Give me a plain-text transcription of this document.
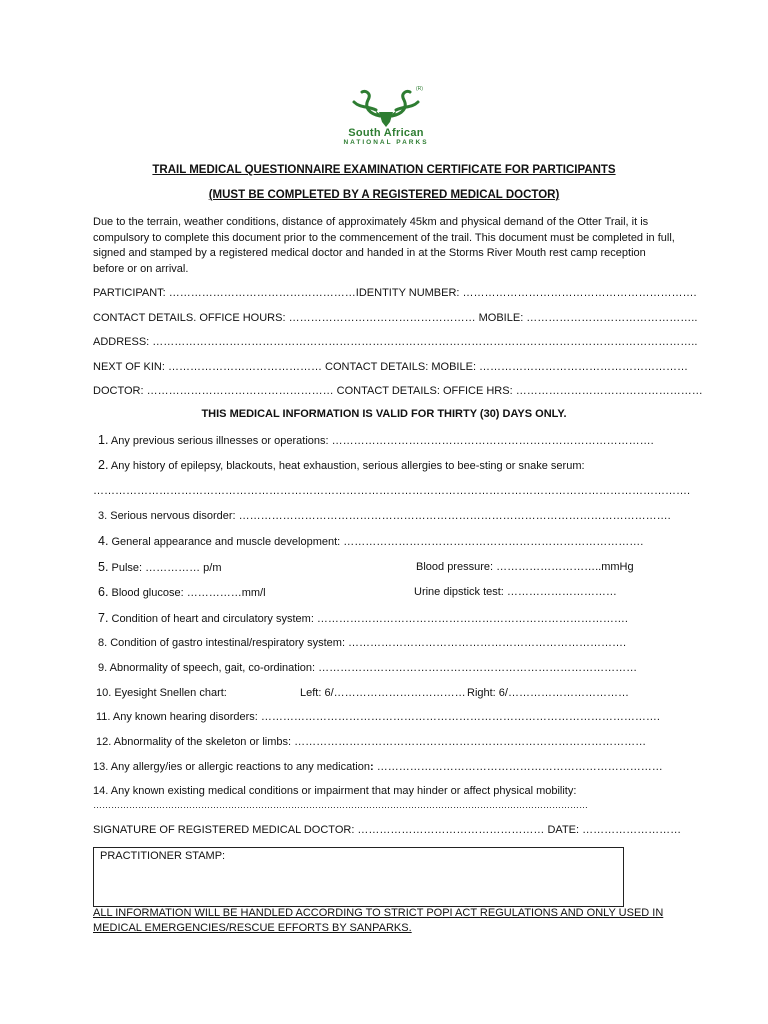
(R)
South African
NATIONAL PARKS
TRAIL MEDICAL QUESTIONNAIRE EXAMINATION CERTIFICATE FOR PARTICIPANTS
(MUST BE COMPLETED BY A REGISTERED MEDICAL DOCTOR)
Due to the terrain, weather conditions, distance of approximately 45km and physical demand of the Otter Trail, it is compulsory to complete this document prior to the commencement of the trail. This document must be completed in full, signed and stamped by a registered medical doctor and handed in at the Storms River Mouth rest camp reception before or on arrival.
PARTICIPANT: ……………………………………………IDENTITY NUMBER: ……………………………………………………….
CONTACT DETAILS. OFFICE HOURS: …………………………………………… MOBILE: ………………………………………..
ADDRESS: …………………………………………………………………………………………………………………………………..
NEXT OF KIN: …………………………………… CONTACT DETAILS: MOBILE: …………………………………………………
DOCTOR: …………………………………………… CONTACT DETAILS: OFFICE HRS: ……………………………………………
THIS MEDICAL INFORMATION IS VALID FOR THIRTY (30) DAYS ONLY.
1. Any previous serious illnesses or operations: …………………………………………………………………………….
2. Any history of epilepsy, blackouts, heat exhaustion, serious allergies to bee-sting or snake serum:
……………………………………………………………………………………………………………………………………………….
3. Serious nervous disorder: ……………………………………………………………………………………………………….
4. General appearance and muscle development: ……………………………………………………………………….
5. Pulse: …………… p/m	Blood pressure: ………………………..mmHg
6. Blood glucose: ……………mm/l	Urine dipstick test: …………………………
7. Condition of heart and circulatory system: ………………………………………………………………………….
8. Condition of gastro intestinal/respiratory system: ………………………………………………………………….
9. Abnormality of speech, gait, co-ordination: ……………………………………………………………………………
10. Eyesight Snellen chart:	Left: 6/……………………………… Right: 6/……………………………
11. Any known hearing disorders: ……………………………………………………………………………………………….
12. Abnormality of the skeleton or limbs: ……………………………………………………………………………………
13. Any allergy/ies or allergic reactions to any medication: ……………………………………………………………………
14. Any known existing medical conditions or impairment that may hinder or affect physical mobility:
…………………………………………………………………………………………………………………………………………………
SIGNATURE OF REGISTERED MEDICAL DOCTOR: …………………………………………… DATE: ………………………
PRACTITIONER STAMP:
ALL INFORMATION WILL BE HANDLED ACCORDING TO STRICT POPI ACT REGULATIONS AND ONLY USED IN MEDICAL EMERGENCIES/RESCUE EFFORTS BY SANPARKS.
